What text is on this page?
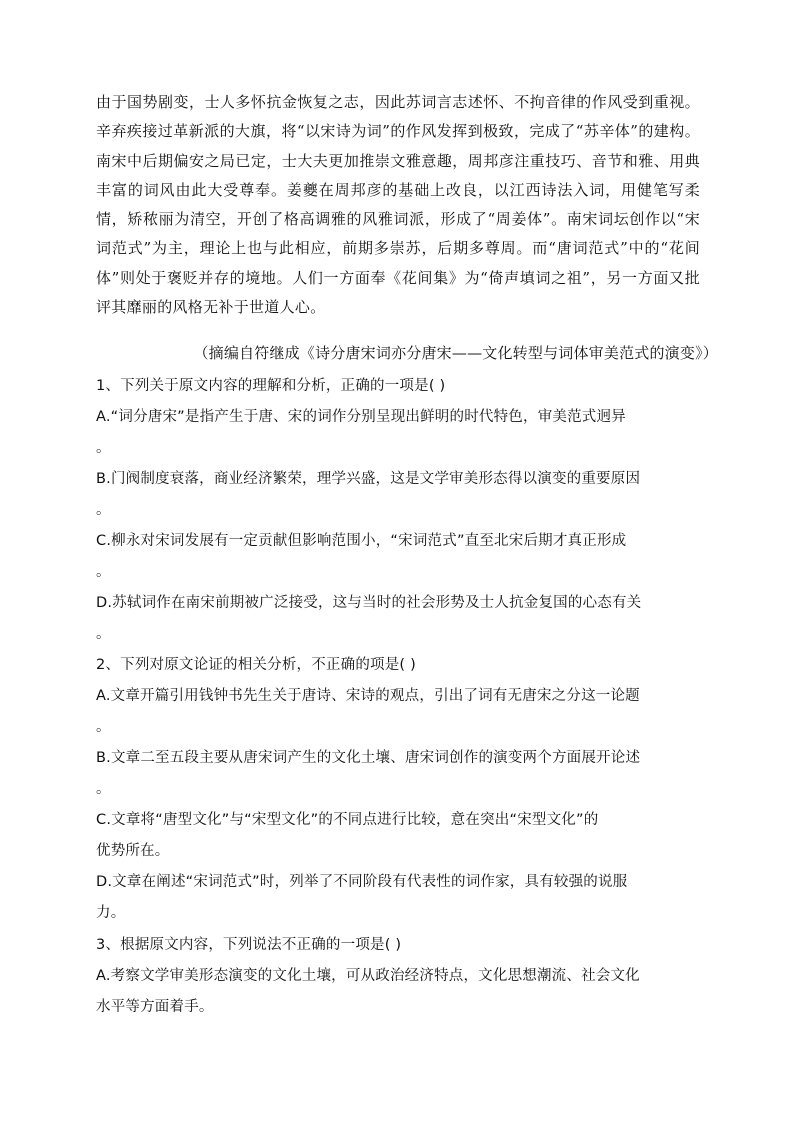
由于国势剧变，士人多怀抗金恢复之志，因此苏词言志述怀、不拘音律的作风受到重视。辛弃疾接过革新派的大旗，将“以宋诗为词”的作风发挥到极致，完成了“苏辛体”的建构。南宋中后期偏安之局已定，士大夫更加推崇文雅意趣，周邦彦注重技巧、音节和雅、用典丰富的词风由此大受尊奉。姜夔在周邦彦的基础上改良，以江西诗法入词，用健笔写柔情，矫秾丽为清空，开创了格高调雅的风雅词派，形成了“周姜体”。南宋词坛创作以“宋词范式”为主，理论上也与此相应，前期多崇苏，后期多尊周。而“唐词范式”中的“花间体”则处于褒贬并存的境地。人们一方面奉《花间集》为“倚声填词之祖”，另一方面又批评其靡丽的风格无补于世道人心。

（摘编自符继成《诗分唐宋词亦分唐宋——文化转型与词体审美范式的演变》）

1、下列关于原文内容的理解和分析，正确的一项是( )
A.“词分唐宋”是指产生于唐、宋的词作分别呈现出鲜明的时代特色，审美范式迥异
。
B.门阀制度衰落，商业经济繁荣，理学兴盛，这是文学审美形态得以演变的重要原因
。
C.柳永对宋词发展有一定贡献但影响范围小，“宋词范式”直至北宋后期才真正形成
。
D.苏轼词作在南宋前期被广泛接受，这与当时的社会形势及士人抗金复国的心态有关
。
2、下列对原文论证的相关分析，不正确的项是( )
A.文章开篇引用钱钟书先生关于唐诗、宋诗的观点，引出了词有无唐宋之分这一论题
。
B.文章二至五段主要从唐宋词产生的文化土壤、唐宋词创作的演变两个方面展开论述
。
C.文章将“唐型文化”与“宋型文化”的不同点进行比较，意在突出“宋型文化”的
优势所在。
D.文章在阐述“宋词范式”时，列举了不同阶段有代表性的词作家，具有较强的说服
力。
3、根据原文内容，下列说法不正确的一项是( )
A.考察文学审美形态演变的文化土壤，可从政治经济特点，文化思想潮流、社会文化
水平等方面着手。
